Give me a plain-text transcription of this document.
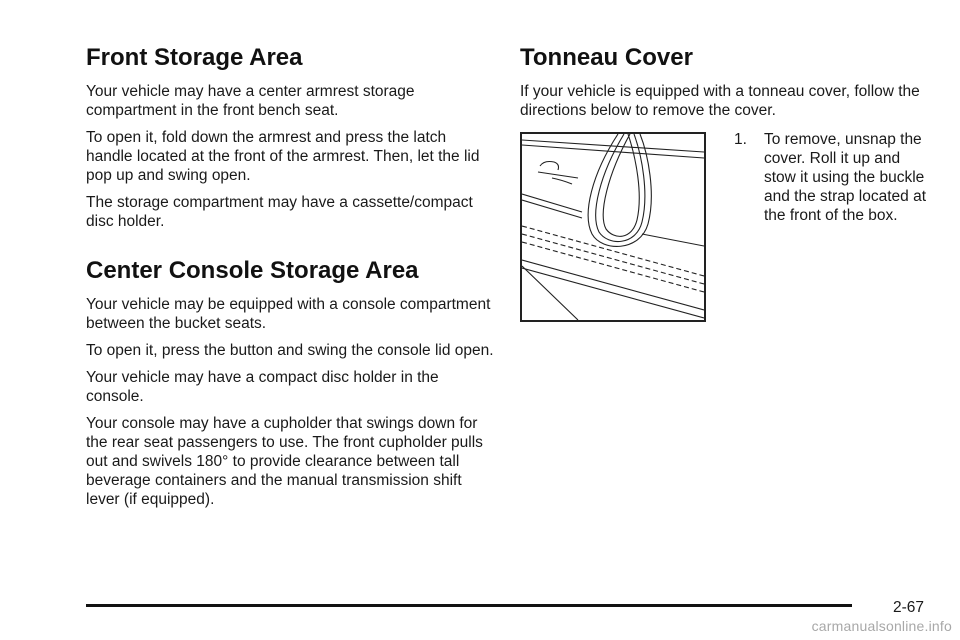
Front Storage Area

Your vehicle may have a center armrest storage compartment in the front bench seat.

To open it, fold down the armrest and press the latch handle located at the front of the armrest. Then, let the lid pop up and swing open.

The storage compartment may have a cassette/compact disc holder.

Center Console Storage Area

Your vehicle may be equipped with a console compartment between the bucket seats.

To open it, press the button and swing the console lid open.

Your vehicle may have a compact disc holder in the console.

Your console may have a cupholder that swings down for the rear seat passengers to use. The front cupholder pulls out and swivels 180° to provide clearance between tall beverage containers and the manual transmission shift lever (if equipped).

Tonneau Cover

If your vehicle is equipped with a tonneau cover, follow the directions below to remove the cover.

1.	To remove, unsnap the cover. Roll it up and stow it using the buckle and the strap located at the front of the box.
2-67
carmanualsonline.info
